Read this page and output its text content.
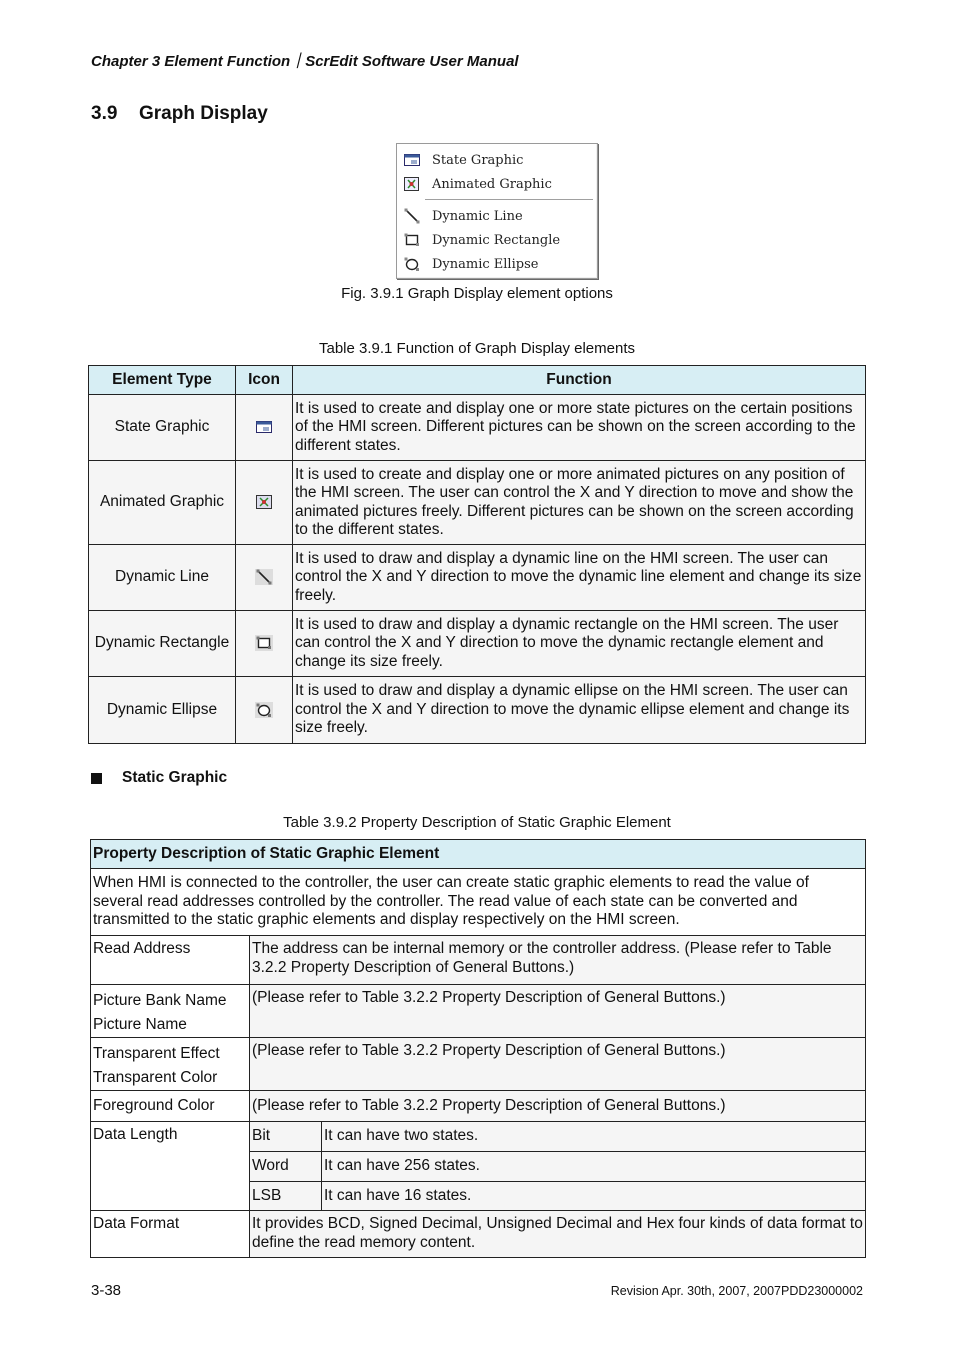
Chapter 3 Element Function｜ScrEdit Software User Manual
3.9 Graph Display
State Graphic
Animated Graphic
Dynamic Line
Dynamic Rectangle
Dynamic Ellipse
Fig. 3.9.1 Graph Display element options
Table 3.9.1 Function of Graph Display elements
Element Type	Icon	Function
State Graphic		It is used to create and display one or more state pictures on the certain positions of the HMI screen. Different pictures can be shown on the screen according to the different states.
Animated Graphic		It is used to create and display one or more animated pictures on any position of the HMI screen. The user can control the X and Y direction to move and show the animated pictures freely. Different pictures can be shown on the screen according to the different states.
Dynamic Line		It is used to draw and display a dynamic line on the HMI screen. The user can control the X and Y direction to move the dynamic line element and change its size freely.
Dynamic Rectangle		It is used to draw and display a dynamic rectangle on the HMI screen. The user can control the X and Y direction to move the dynamic rectangle element and change its size freely.
Dynamic Ellipse		It is used to draw and display a dynamic ellipse on the HMI screen. The user can control the X and Y direction to move the dynamic ellipse element and change its size freely.
Static Graphic
Table 3.9.2 Property Description of Static Graphic Element
Property Description of Static Graphic Element		
When HMI is connected to the controller, the user can create static graphic elements to read the value of several read addresses controlled by the controller. The read value of each state can be converted and transmitted to the static graphic elements and display respectively on the HMI screen.		
Read Address	The address can be internal memory or the controller address. (Please refer to Table 3.2.2 Property Description of General Buttons.)	

Picture Bank Name
Picture Name	(Please refer to Table 3.2.2 Property Description of General Buttons.)	

Transparent Effect
Transparent Color	(Please refer to Table 3.2.2 Property Description of General Buttons.)	
Foreground Color	(Please refer to Table 3.2.2 Property Description of General Buttons.)	
Data Length	Bit	It can have two states.
	Word	It can have 256 states.
	LSB	It can have 16 states.
Data Format	It provides BCD, Signed Decimal, Unsigned Decimal and Hex four kinds of data format to define the read memory content.	
3-38	Revision Apr. 30th, 2007, 2007PDD23000002
